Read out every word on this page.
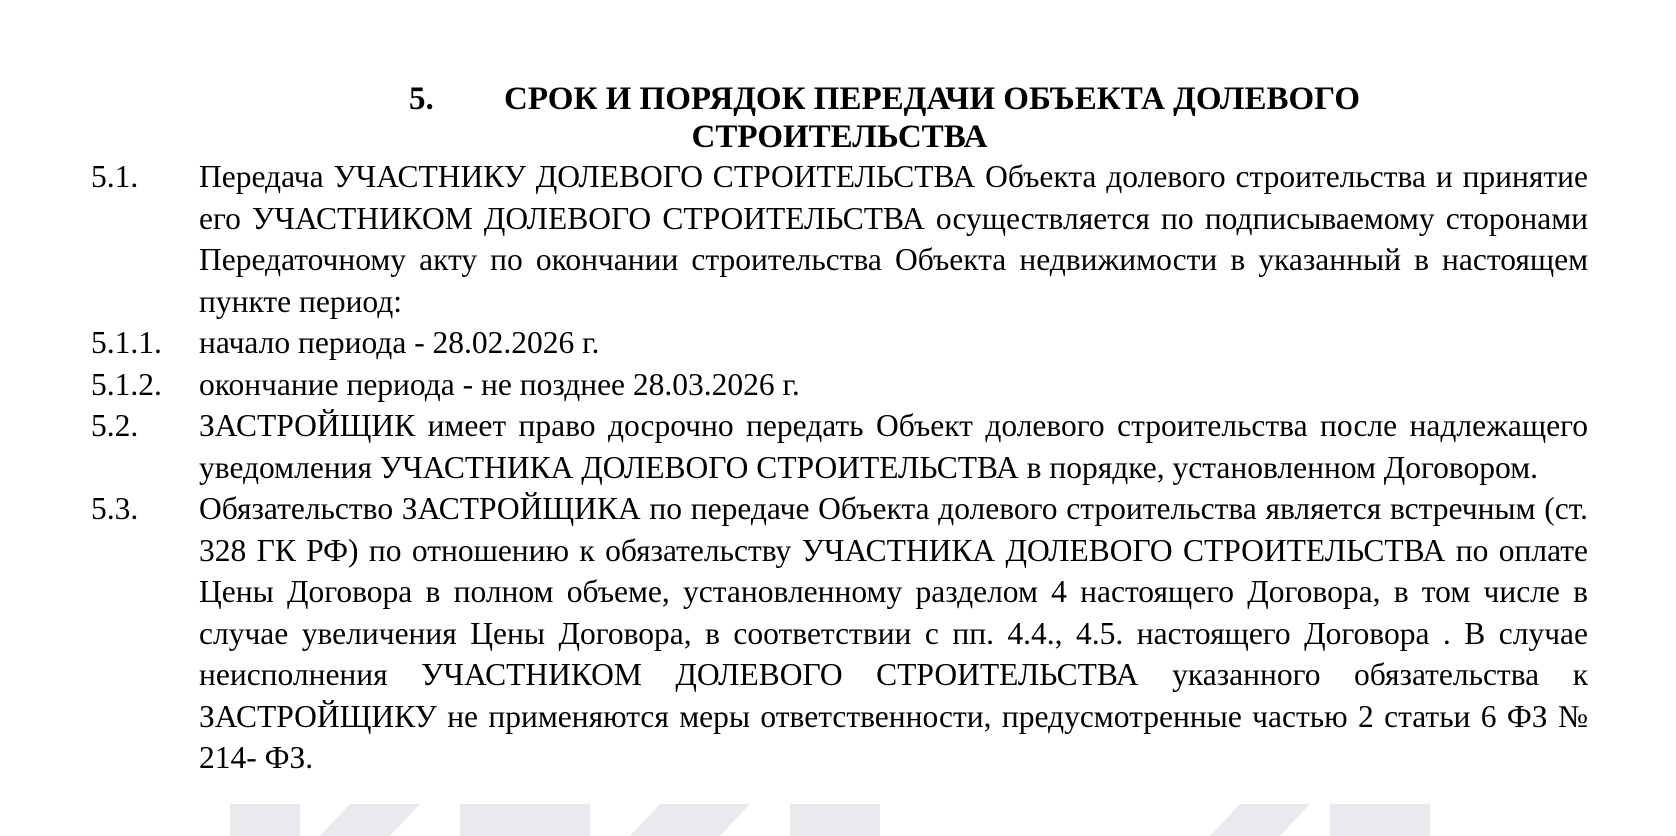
5. СРОК И ПОРЯДОК ПЕРЕДАЧИ ОБЪЕКТА ДОЛЕВОГО
СТРОИТЕЛЬСТВА
5.1. Передача УЧАСТНИКУ ДОЛЕВОГО СТРОИТЕЛЬСТВА Объекта долевого строительства и принятие его УЧАСТНИКОМ ДОЛЕВОГО СТРОИТЕЛЬСТВА осуществляется по подписываемому сторонами Передаточному акту по окончании строительства Объекта недвижимости в указанный в настоящем пункте период:
5.1.1. начало периода - 28.02.2026 г.
5.1.2. окончание периода - не позднее 28.03.2026 г.
5.2. ЗАСТРОЙЩИК имеет право досрочно передать Объект долевого строительства после надлежащего уведомления УЧАСТНИКА ДОЛЕВОГО СТРОИТЕЛЬСТВА в порядке, установленном Договором.
5.3. Обязательство ЗАСТРОЙЩИКА по передаче Объекта долевого строительства является встречным (ст. 328 ГК РФ) по отношению к обязательству УЧАСТНИКА ДОЛЕВОГО СТРОИТЕЛЬСТВА по оплате Цены Договора в полном объеме, установленному разделом 4 настоящего Договора, в том числе в случае увеличения Цены Договора, в соответствии с пп. 4.4., 4.5. настоящего Договора . В случае неисполнения УЧАСТНИКОМ ДОЛЕВОГО СТРОИТЕЛЬСТВА указанного обязательства к ЗАСТРОЙЩИКУ не применяются меры ответственности, предусмотренные частью 2 статьи 6 ФЗ № 214- ФЗ.
